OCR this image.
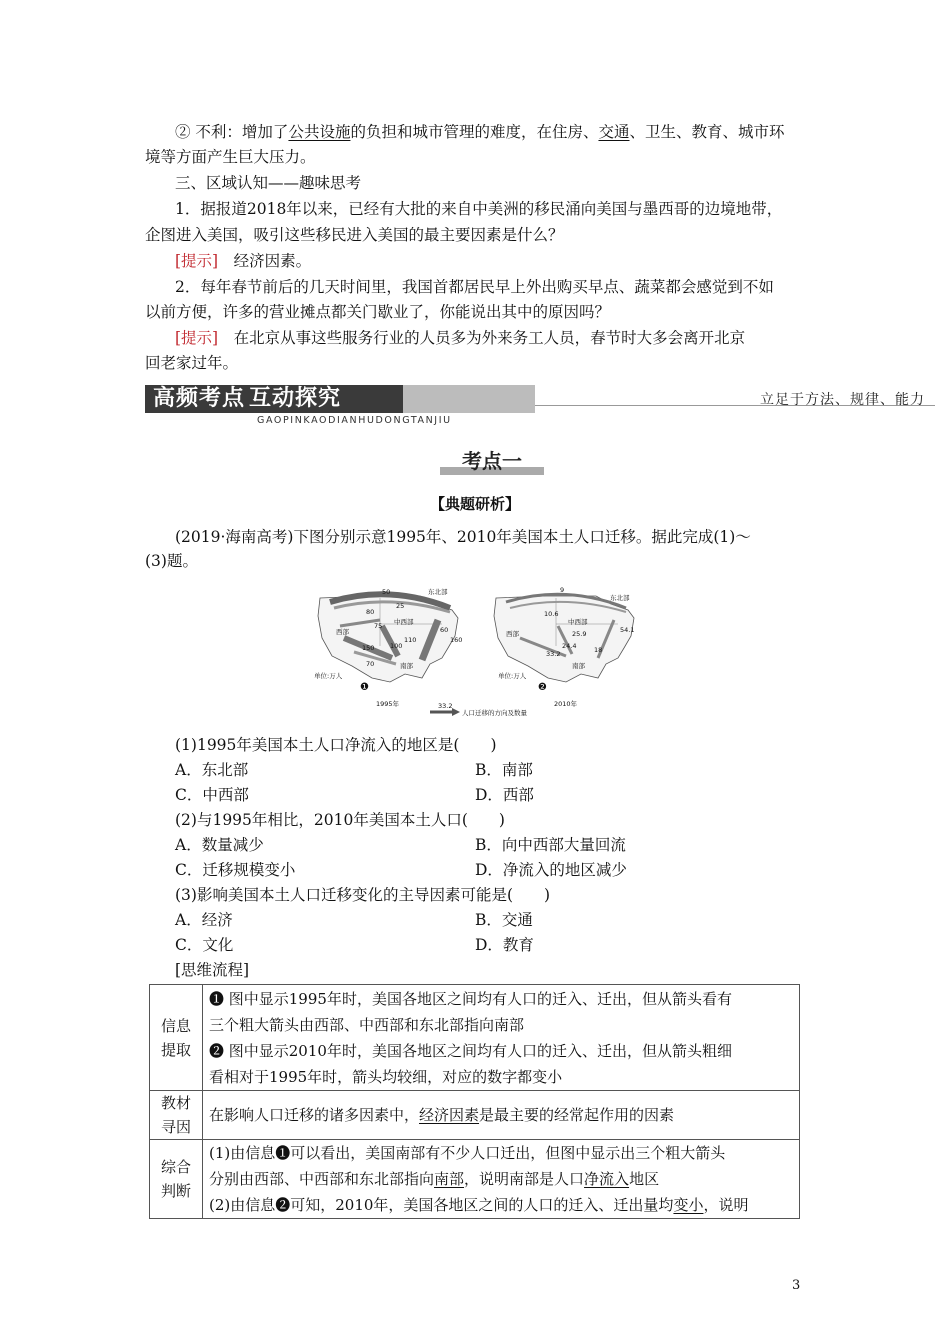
② 不利：增加了公共设施的负担和城市管理的难度，在住房、交通、卫生、教育、城市环
境等方面产生巨大压力。
三、区域认知——趣味思考
1．据报道2018年以来，已经有大批的来自中美洲的移民涌向美国与墨西哥的边境地带，
企图进入美国，吸引这些移民进入美国的最主要因素是什么？
[提示]　 经济因素。
2．每年春节前后的几天时间里，我国首都居民早上外出购买早点、蔬菜都会感觉到不如
以前方便，许多的营业摊点都关门歇业了，你能说出其中的原因吗？
[提示]　 在北京从事这些服务行业的人员多为外来务工人员，春节时大多会离开北京
回老家过年。
高频考点 互动探究
GAOPINKAODIANHUDONGTANJIU
立足于方法、规律、能力
考点一
【典题研析】
(2019·海南高考)下图分别示意1995年、2010年美国本土人口迁移。据此完成(1)～
(3)题。
东北部
中西部
西部
南部
50
80
25
75
150
110
100
60
160
70
单位:万人
❶
1995年
东北部
中西部
西部
南部
9
10.6
25.9	54.1
33.2
24.4	18
单位:万人
❷
2010年
33.2
人口迁移的方向及数量
(1)1995年美国本土人口净流入的地区是(　　)
A．东北部	B．南部
C．中西部	D．西部
(2)与1995年相比，2010年美国本土人口(　　)
A．数量减少	B．向中西部大量回流
C．迁移规模变小	D．净流入的地区减少
(3)影响美国本土人口迁移变化的主导因素可能是(　　)
A．经济	B．交通
C．文化	D．教育
[思维流程]
信息提取	❶ 图中显示1995年时，美国各地区之间均有人口的迁入、迁出，但从箭头看有
三个粗大箭头由西部、中西部和东北部指向南部
❷ 图中显示2010年时，美国各地区之间均有人口的迁入、迁出，但从箭头粗细
看相对于1995年时，箭头均较细，对应的数字都变小

教材寻因	在影响人口迁移的诸多因素中，经济因素是最主要的经常起作用的因素
综合判断	(1)由信息❶可以看出，美国南部有不少人口迁出，但图中显示出三个粗大箭头
分别由西部、中西部和东北部指向南部，说明南部是人口净流入地区
(2)由信息❷可知，2010年，美国各地区之间的人口的迁入、迁出量均变小，说明
3
